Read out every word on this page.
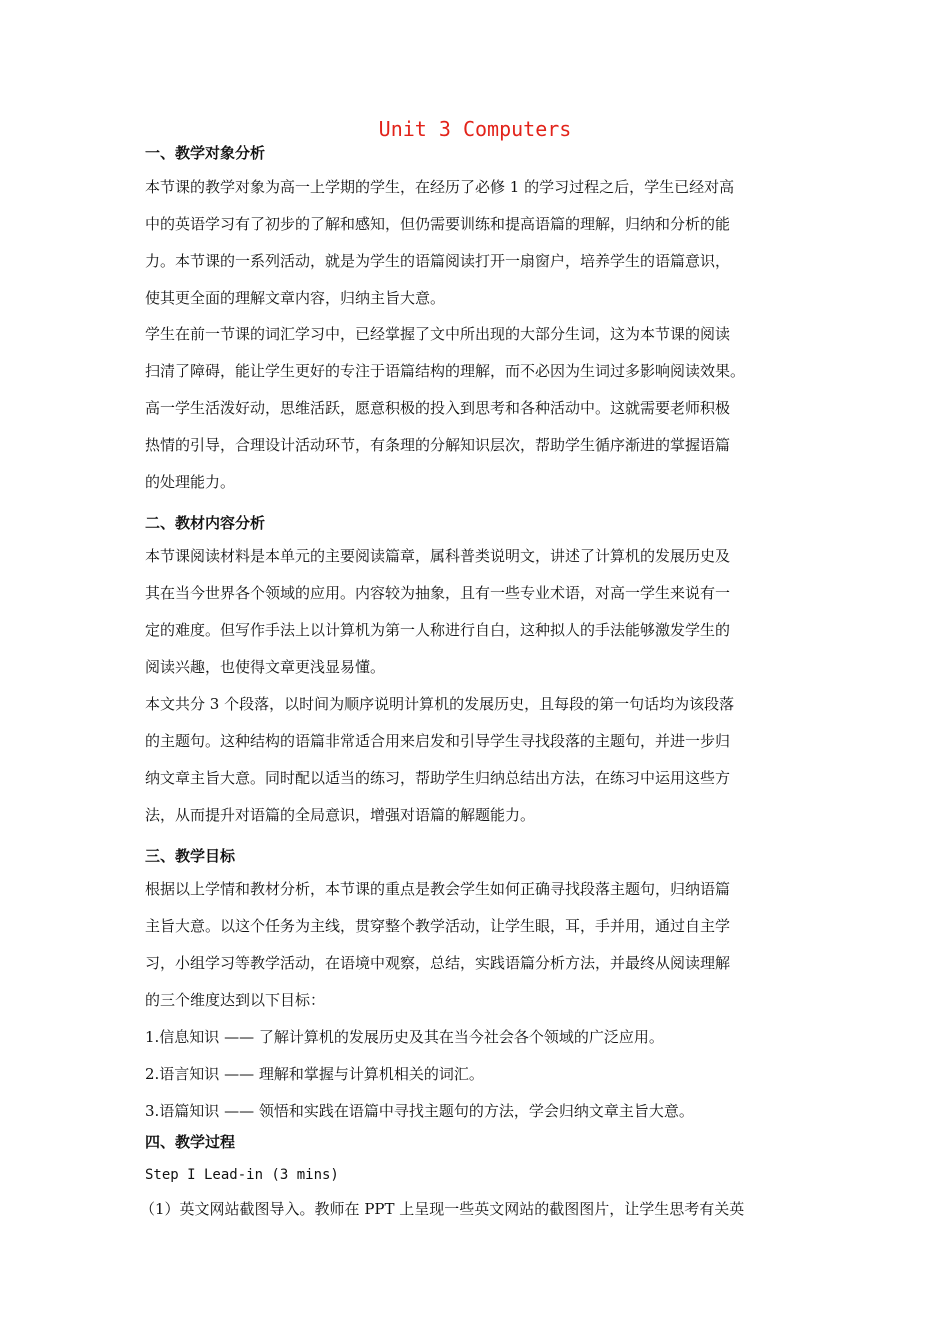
Unit 3 Computers
一、教学对象分析
本节课的教学对象为高一上学期的学生，在经历了必修 1 的学习过程之后，学生已经对高
中的英语学习有了初步的了解和感知，但仍需要训练和提高语篇的理解，归纳和分析的能
力。本节课的一系列活动，就是为学生的语篇阅读打开一扇窗户，培养学生的语篇意识，
使其更全面的理解文章内容，归纳主旨大意。
学生在前一节课的词汇学习中，已经掌握了文中所出现的大部分生词，这为本节课的阅读
扫清了障碍，能让学生更好的专注于语篇结构的理解，而不必因为生词过多影响阅读效果。
高一学生活泼好动，思维活跃，愿意积极的投入到思考和各种活动中。这就需要老师积极
热情的引导，合理设计活动环节，有条理的分解知识层次，帮助学生循序渐进的掌握语篇
的处理能力。
二、教材内容分析
本节课阅读材料是本单元的主要阅读篇章，属科普类说明文，讲述了计算机的发展历史及
其在当今世界各个领域的应用。内容较为抽象，且有一些专业术语，对高一学生来说有一
定的难度。但写作手法上以计算机为第一人称进行自白，这种拟人的手法能够激发学生的
阅读兴趣，也使得文章更浅显易懂。
本文共分 3 个段落，以时间为顺序说明计算机的发展历史，且每段的第一句话均为该段落
的主题句。这种结构的语篇非常适合用来启发和引导学生寻找段落的主题句，并进一步归
纳文章主旨大意。同时配以适当的练习，帮助学生归纳总结出方法，在练习中运用这些方
法，从而提升对语篇的全局意识，增强对语篇的解题能力。
三、教学目标
根据以上学情和教材分析，本节课的重点是教会学生如何正确寻找段落主题句，归纳语篇
主旨大意。以这个任务为主线，贯穿整个教学活动，让学生眼，耳，手并用，通过自主学
习，小组学习等教学活动，在语境中观察，总结，实践语篇分析方法，并最终从阅读理解
的三个维度达到以下目标：
1.信息知识 —— 了解计算机的发展历史及其在当今社会各个领域的广泛应用。
2.语言知识 —— 理解和掌握与计算机相关的词汇。
3.语篇知识 —— 领悟和实践在语篇中寻找主题句的方法，学会归纳文章主旨大意。
四、教学过程
Step I Lead-in (3 mins)
（1）英文网站截图导入。教师在 PPT 上呈现一些英文网站的截图图片，让学生思考有关英
